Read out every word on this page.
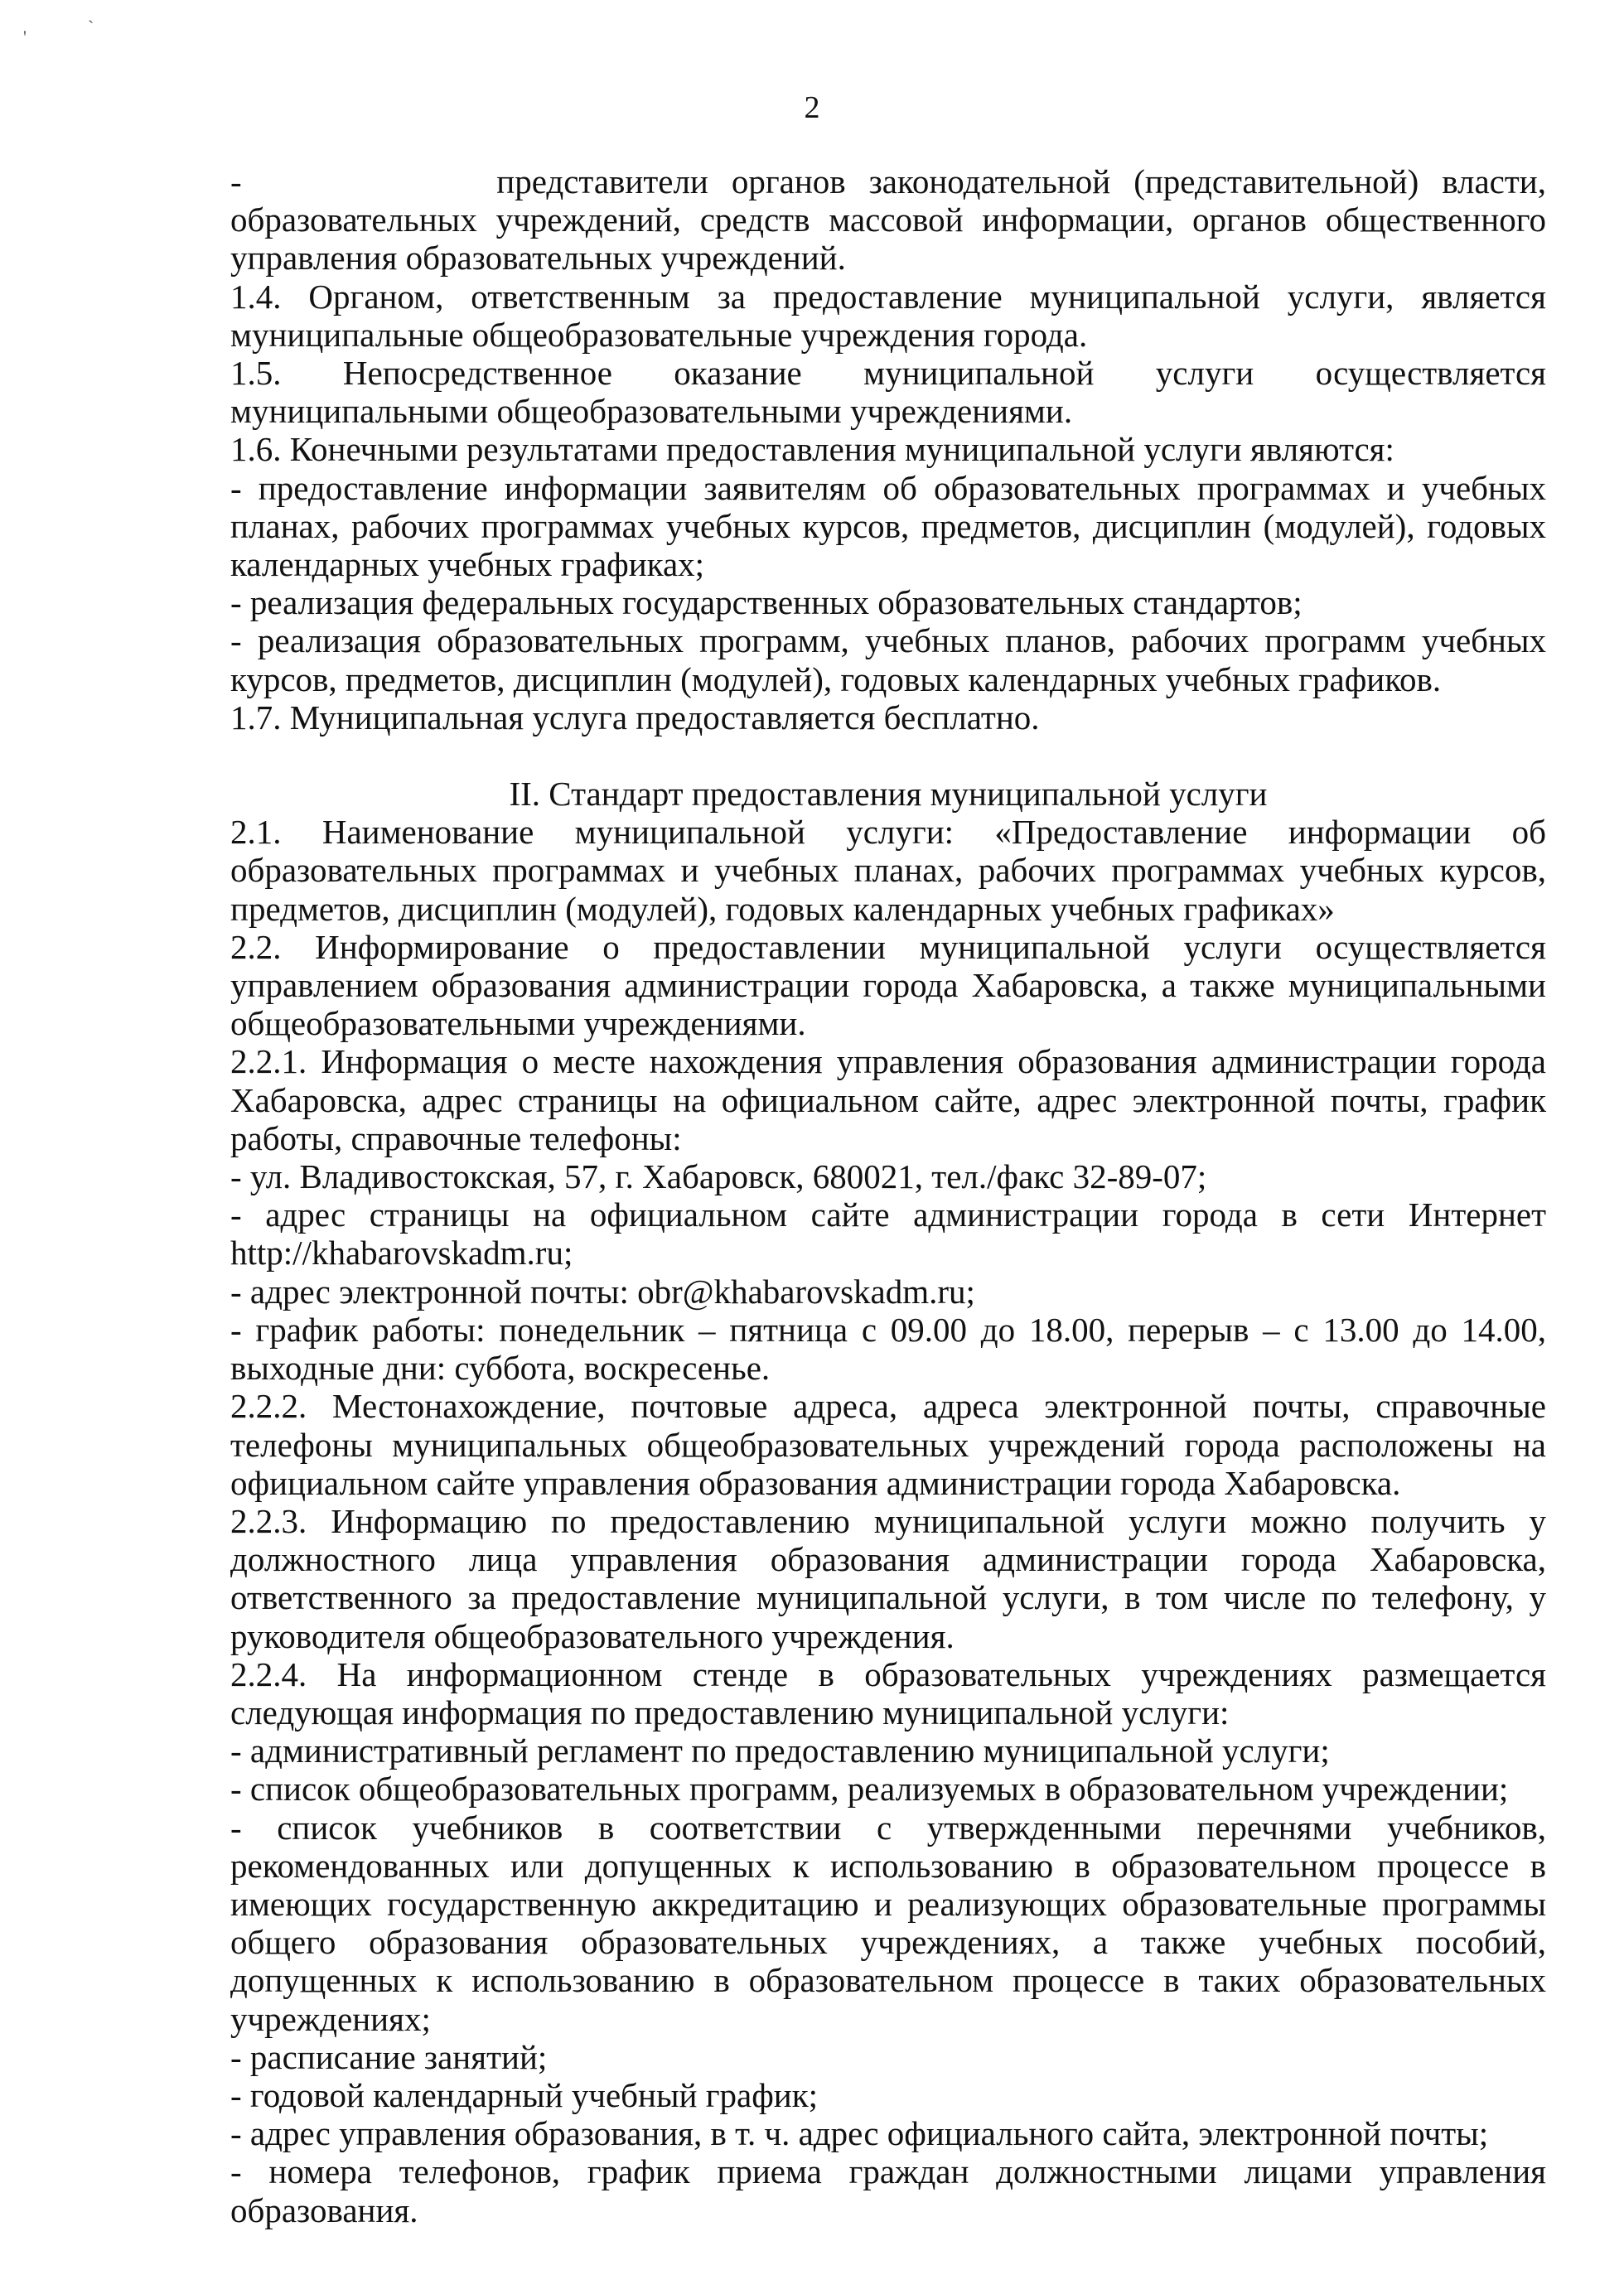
'	`
2

-           представители органов законодательной (представительной) власти, образовательных учреждений, средств массовой информации, органов общественного управления образовательных учреждений.

1.4. Органом, ответственным за предоставление муниципальной услуги, является муниципальные общеобразовательные учреждения города.

1.5. Непосредственное оказание муниципальной услуги осуществляется муниципальными общеобразовательными учреждениями.

1.6. Конечными результатами предоставления муниципальной услуги являются:

- предоставление информации заявителям об образовательных программах и учебных планах, рабочих программах учебных курсов, предметов, дисциплин (модулей), годовых календарных учебных графиках;

- реализация федеральных государственных образовательных стандартов;

- реализация образовательных программ, учебных планов, рабочих программ учебных курсов, предметов, дисциплин (модулей), годовых календарных учебных графиков.

1.7. Муниципальная услуга предоставляется бесплатно.

II. Стандарт предоставления муниципальной услуги

2.1. Наименование муниципальной услуги: «Предоставление информации об образовательных программах и учебных планах, рабочих программах учебных курсов, предметов, дисциплин (модулей), годовых календарных учебных графиках»

2.2. Информирование о предоставлении муниципальной услуги осуществляется управлением образования администрации города Хабаровска, а также муниципальными общеобразовательными учреждениями.

2.2.1. Информация о месте нахождения управления образования администрации города Хабаровска, адрес страницы на официальном сайте, адрес электронной почты, график работы, справочные телефоны:

- ул. Владивостокская, 57, г. Хабаровск, 680021, тел./факс 32-89-07;

- адрес страницы на официальном сайте администрации города в сети Интернет http://khabarovskadm.ru;

- адрес электронной почты: obr@khabarovskadm.ru;

- график работы: понедельник – пятница с 09.00 до 18.00, перерыв – с 13.00 до 14.00, выходные дни: суббота, воскресенье.

2.2.2. Местонахождение, почтовые адреса, адреса электронной почты, справочные телефоны муниципальных общеобразовательных учреждений города расположены на официальном сайте управления образования администрации города Хабаровска.

2.2.3. Информацию по предоставлению муниципальной услуги можно получить у должностного лица управления образования администрации города Хабаровска, ответственного за предоставление муниципальной услуги, в том числе по телефону, у руководителя общеобразовательного учреждения.

2.2.4. На информационном стенде в образовательных учреждениях размещается следующая информация по предоставлению муниципальной услуги:

- административный регламент по предоставлению муниципальной услуги;

- список общеобразовательных программ, реализуемых в образовательном учреждении;

- список учебников в соответствии с утвержденными перечнями учебников, рекомендованных или допущенных к использованию в образовательном процессе в имеющих государственную аккредитацию и реализующих образовательные программы общего образования образовательных учреждениях, а также учебных пособий, допущенных к использованию в образовательном процессе в таких образовательных учреждениях;

- расписание занятий;

- годовой календарный учебный график;

- адрес управления образования, в т. ч. адрес официального сайта, электронной почты;

- номера телефонов, график приема граждан должностными лицами управления образования.
